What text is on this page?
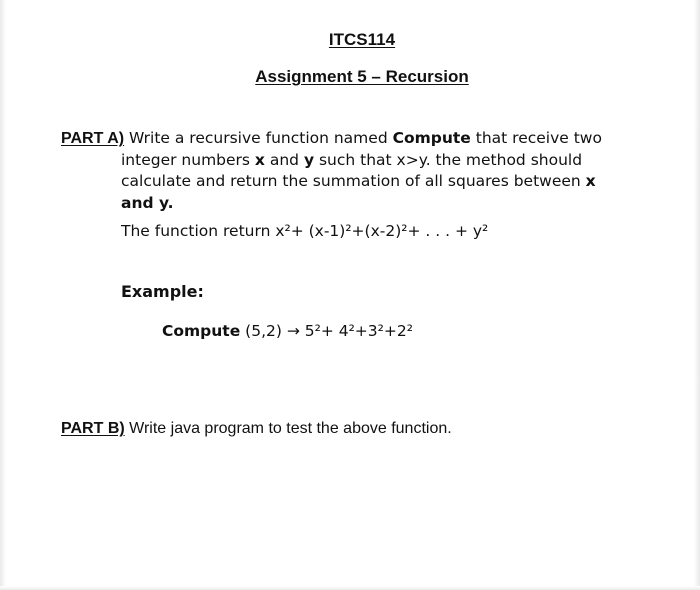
ITCS114
Assignment 5 – Recursion
PART A) Write a recursive function named Compute that receive two integer numbers x and y such that x>y. the method should calculate and return the summation of all squares between x
and y.
The function return x²+ (x-1)²+(x-2)²+ . . . + y²
Example:
Compute (5,2) → 5²+ 4²+3²+2²
PART B) Write java program to test the above function.
